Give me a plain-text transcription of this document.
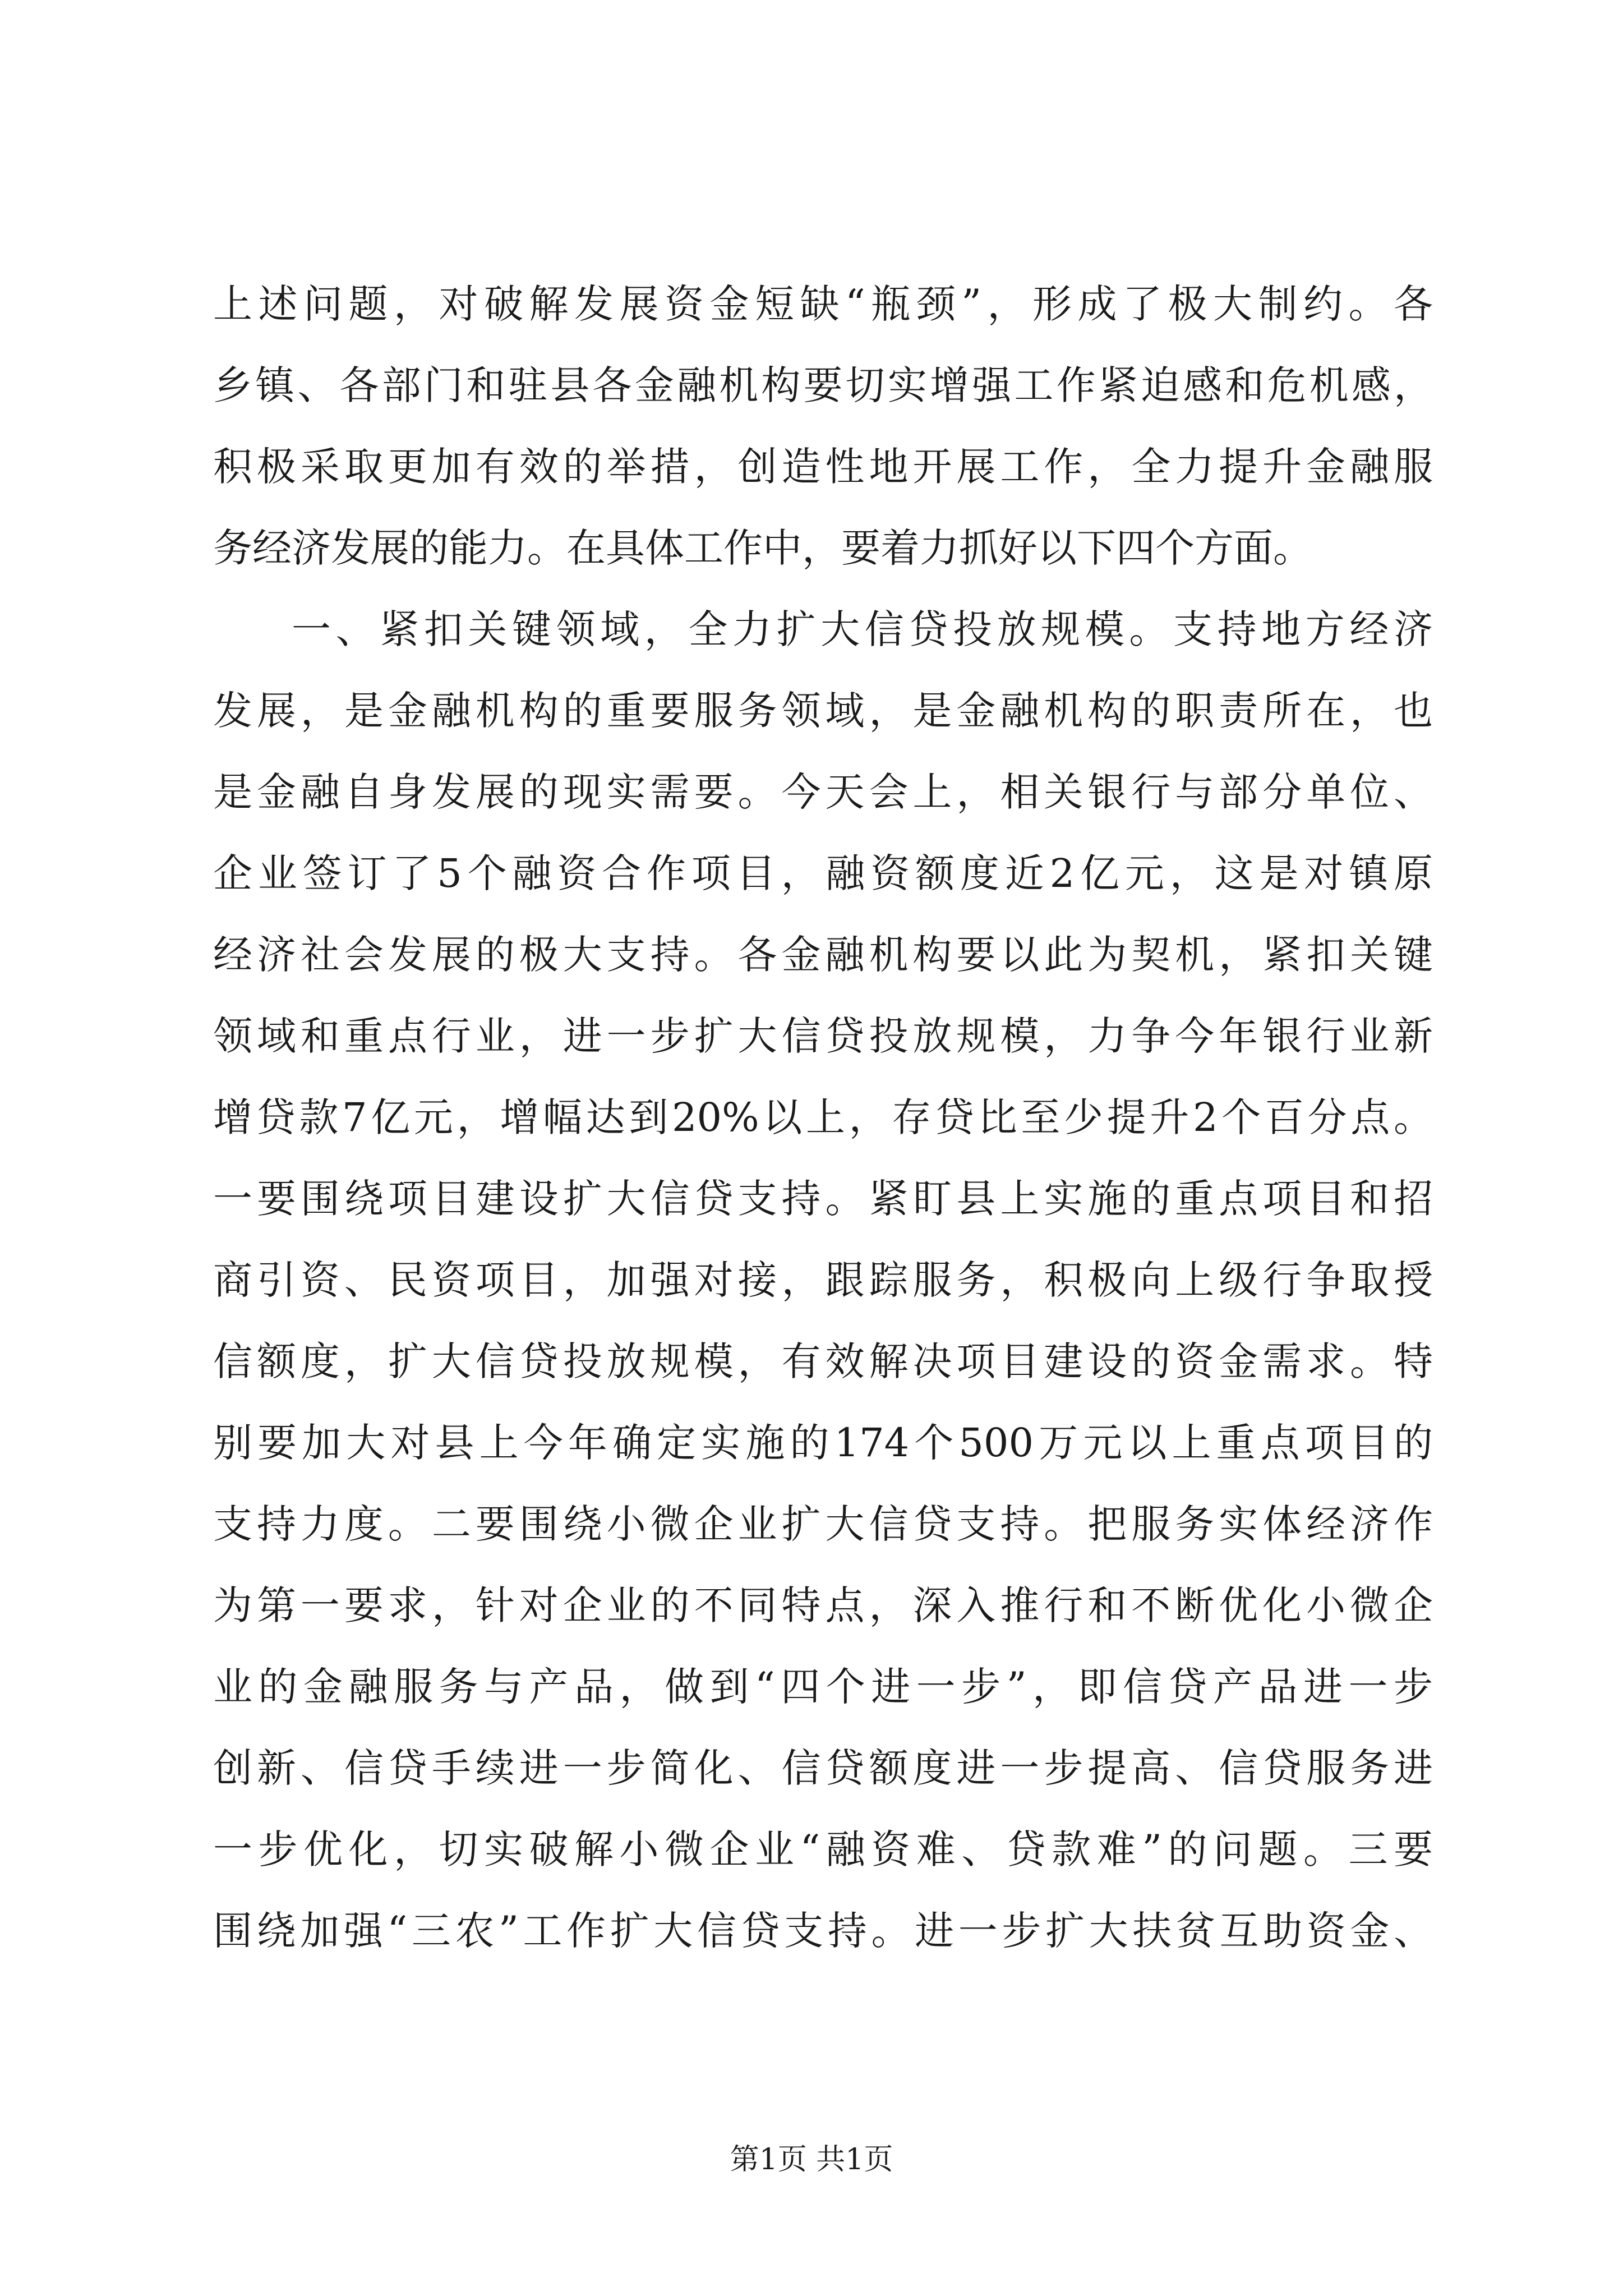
上述问题，对破解发展资金短缺“瓶颈”，形成了极大制约。各
乡镇、各部门和驻县各金融机构要切实增强工作紧迫感和危机感，
积极采取更加有效的举措，创造性地开展工作，全力提升金融服
务经济发展的能力。在具体工作中，要着力抓好以下四个方面。
一、紧扣关键领域，全力扩大信贷投放规模。支持地方经济
发展，是金融机构的重要服务领域，是金融机构的职责所在，也
是金融自身发展的现实需要。今天会上，相关银行与部分单位、
企业签订了5个融资合作项目，融资额度近2亿元，这是对镇原
经济社会发展的极大支持。各金融机构要以此为契机，紧扣关键
领域和重点行业，进一步扩大信贷投放规模，力争今年银行业新
增贷款7亿元，增幅达到20%以上，存贷比至少提升2个百分点。
一要围绕项目建设扩大信贷支持。紧盯县上实施的重点项目和招
商引资、民资项目，加强对接，跟踪服务，积极向上级行争取授
信额度，扩大信贷投放规模，有效解决项目建设的资金需求。特
别要加大对县上今年确定实施的174个500万元以上重点项目的
支持力度。二要围绕小微企业扩大信贷支持。把服务实体经济作
为第一要求，针对企业的不同特点，深入推行和不断优化小微企
业的金融服务与产品，做到“四个进一步”，即信贷产品进一步
创新、信贷手续进一步简化、信贷额度进一步提高、信贷服务进
一步优化，切实破解小微企业“融资难、贷款难”的问题。三要
围绕加强“三农”工作扩大信贷支持。进一步扩大扶贫互助资金、
第1页 共1页
